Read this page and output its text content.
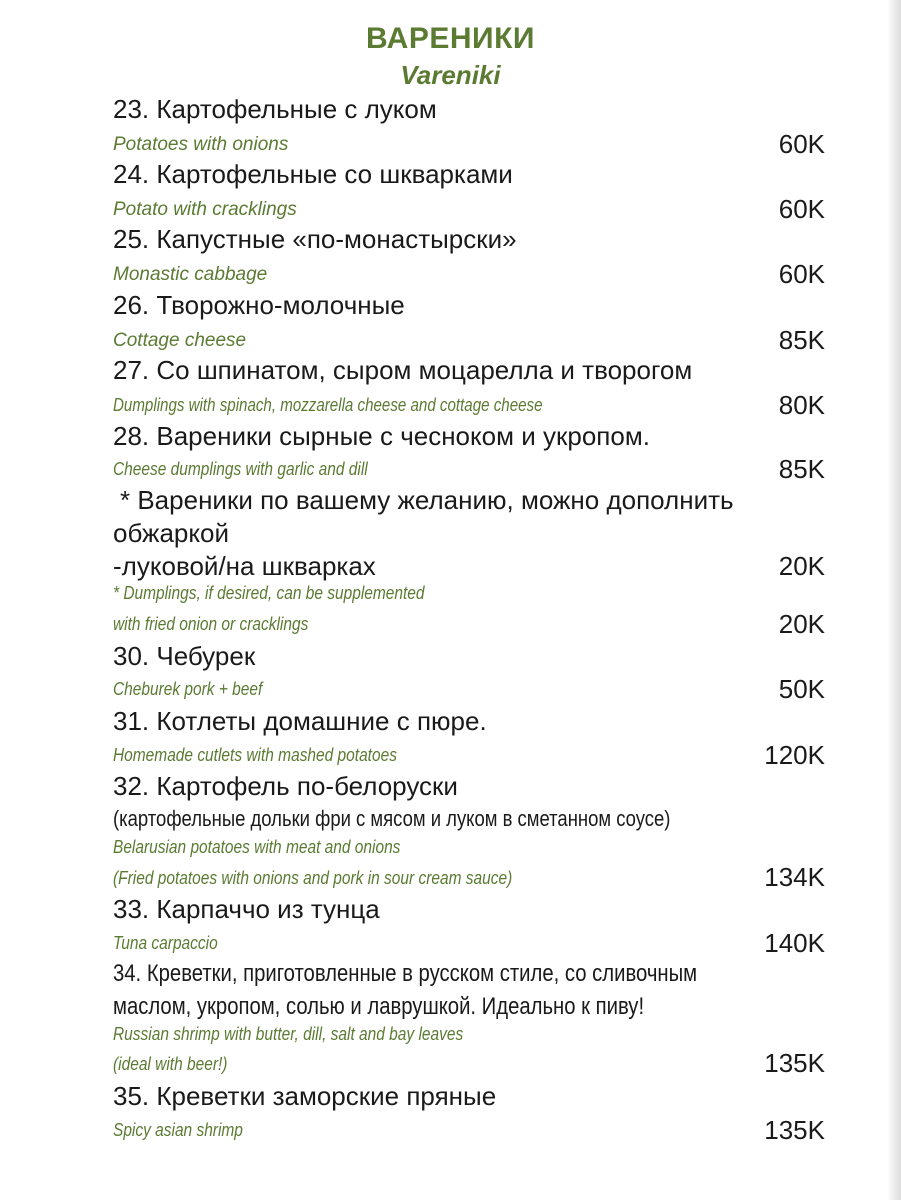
ВАРЕНИКИ
Vareniki
23. Картофельные с луком
Potatoes with onions	60K
24. Картофельные со шкварками
Potato with cracklings	60K
25. Капустные «по-монастырски»
Monastic cabbage	60K
26. Творожно-молочные
Cottage cheese	85K
27. Со шпинатом, сыром моцарелла и творогом
Dumplings with spinach, mozzarella cheese and cottage cheese	80K
28. Вареники сырные с чесноком и укропом.
Cheese dumplings with garlic and dill	85K
* Вареники по вашему желанию, можно дополнить
обжаркой
-луковой/на шкварках	20K
* Dumplings, if desired, can be supplemented
with fried onion or cracklings	20K
30. Чебурек
Cheburek pork + beef	50K
31. Котлеты домашние с пюре.
Homemade cutlets with mashed potatoes	120K
32. Картофель по-белоруски
(картофельные дольки фри с мясом и луком в сметанном соусе)
Belarusian potatoes with meat and onions
(Fried potatoes with onions and pork in sour cream sauce)	134K
33. Карпаччо из тунца
Tuna carpaccio	140K
34. Креветки, приготовленные в русском стиле, со сливочным
маслом, укропом, солью и лаврушкой. Идеально к пиву!
Russian shrimp with butter, dill, salt and bay leaves
(ideal with beer!)	135K
35. Креветки заморские пряные
Spicy asian shrimp	135K
